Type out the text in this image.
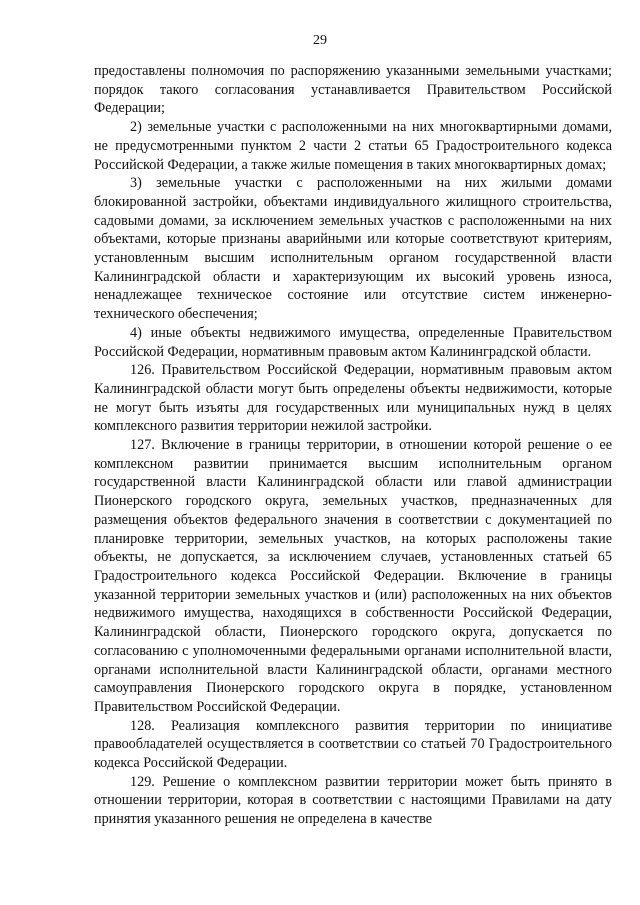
29

предоставлены полномочия по распоряжению указанными земельными участками; порядок такого согласования устанавливается Правительством Российской Федерации;

2) земельные участки с расположенными на них многоквартирными домами, не предусмотренными пунктом 2 части 2 статьи 65 Градостроительного кодекса Российской Федерации, а также жилые помещения в таких многоквартирных домах;

3) земельные участки с расположенными на них жилыми домами блокированной застройки, объектами индивидуального жилищного строительства, садовыми домами, за исключением земельных участков с расположенными на них объектами, которые признаны аварийными или которые соответствуют критериям, установленным высшим исполнительным органом государственной власти Калининградской области и характеризующим их высокий уровень износа, ненадлежащее техническое состояние или отсутствие систем инженерно-технического обеспечения;

4) иные объекты недвижимого имущества, определенные Правительством Российской Федерации, нормативным правовым актом Калининградской области.

126. Правительством Российской Федерации, нормативным правовым актом Калининградской области могут быть определены объекты недвижимости, которые не могут быть изъяты для государственных или муниципальных нужд в целях комплексного развития территории нежилой застройки.

127. Включение в границы территории, в отношении которой решение о ее комплексном развитии принимается высшим исполнительным органом государственной власти Калининградской области или главой администрации Пионерского городского округа, земельных участков, предназначенных для размещения объектов федерального значения в соответствии с документацией по планировке территории, земельных участков, на которых расположены такие объекты, не допускается, за исключением случаев, установленных статьей 65 Градостроительного кодекса Российской Федерации. Включение в границы указанной территории земельных участков и (или) расположенных на них объектов недвижимого имущества, находящихся в собственности Российской Федерации, Калининградской области, Пионерского городского округа, допускается по согласованию с уполномоченными федеральными органами исполнительной власти, органами исполнительной власти Калининградской области, органами местного самоуправления Пионерского городского округа в порядке, установленном Правительством Российской Федерации.

128. Реализация комплексного развития территории по инициативе правообладателей осуществляется в соответствии со статьей 70 Градостроительного кодекса Российской Федерации.

129. Решение о комплексном развитии территории может быть принято в отношении территории, которая в соответствии с настоящими Правилами на дату принятия указанного решения не определена в качестве
